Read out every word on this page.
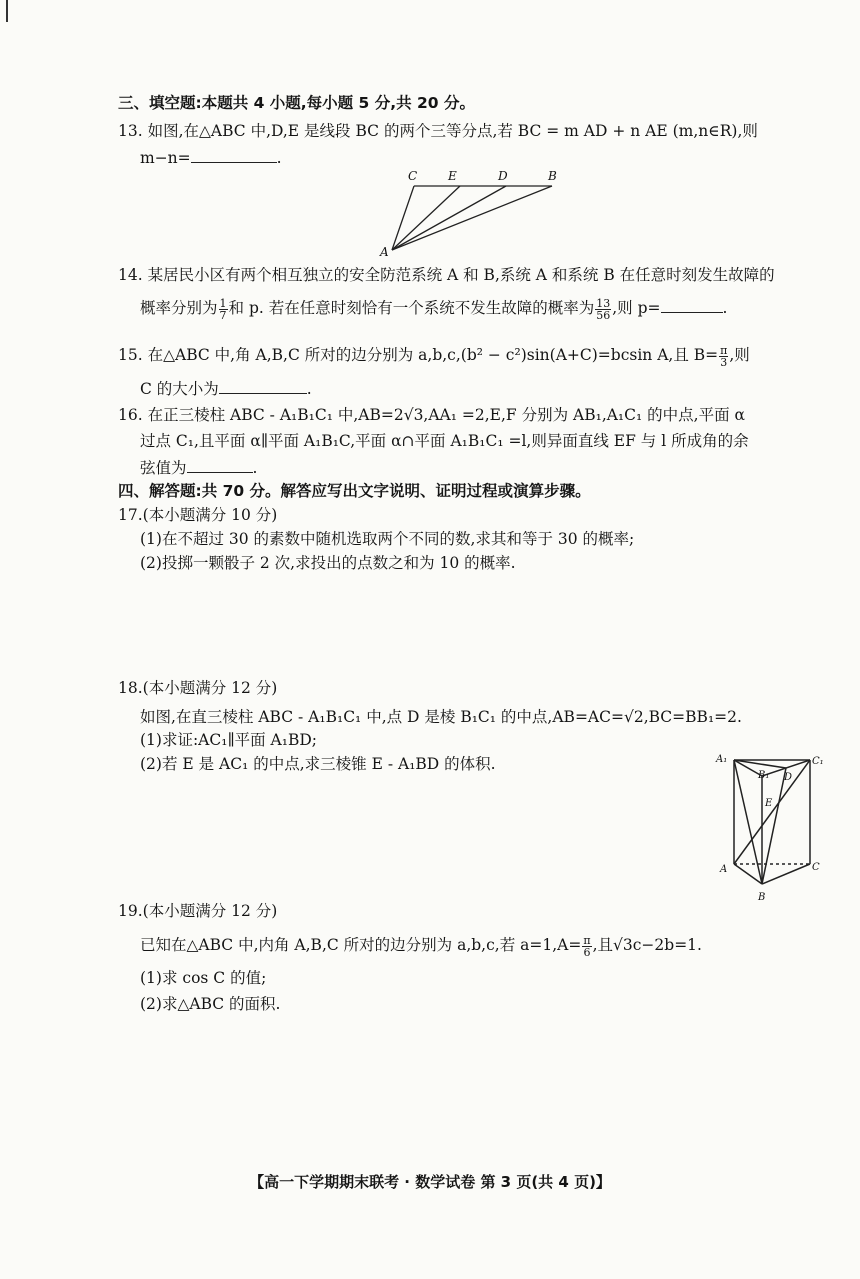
三、填空题:本题共 4 小题,每小题 5 分,共 20 分。
13. 如图,在△ABC 中,D,E 是线段 BC 的两个三等分点,若 BC = m AD + n AE (m,n∈R),则
m−n=	.
C	E	D	B
A
14. 某居民小区有两个相互独立的安全防范系统 A 和 B,系统 A 和系统 B 在任意时刻发生故障的
概率分别为 $\frac{1}{7}$ 和 p. 若在任意时刻恰有一个系统不发生故障的概率为 $\frac{13}{56}$ ,则 p=	.
15. 在△ABC 中,角 A,B,C 所对的边分别为 a,b,c,(b² − c²)sin(A+C)=bcsin A,且 $B= \frac{\pi}{3}$ ,则
C 的大小为	.
16. 在正三棱柱 ABC - A₁B₁C₁ 中,AB=2√3,AA₁ =2,E,F 分别为 AB₁,A₁C₁ 的中点,平面 α
过点 C₁,且平面 α∥平面 A₁B₁C,平面 α∩平面 A₁B₁C₁ =l,则异面直线 EF 与 l 所成角的余
弦值为	.
四、解答题:共 70 分。解答应写出文字说明、证明过程或演算步骤。
17.(本小题满分 10 分)
(1)在不超过 30 的素数中随机选取两个不同的数,求其和等于 30 的概率;
(2)投掷一颗骰子 2 次,求投出的点数之和为 10 的概率.
18.(本小题满分 12 分)
如图,在直三棱柱 ABC - A₁B₁C₁ 中,点 D 是棱 B₁C₁ 的中点,AB=AC=√2,BC=BB₁=2.
(1)求证:AC₁∥平面 A₁BD;
(2)若 E 是 AC₁ 的中点,求三棱锥 E - A₁BD 的体积.	A₁
B₁ D
C₁
E
A	C
B
19.(本小题满分 12 分)
已知在△ABC 中,内角 A,B,C 所对的边分别为 a,b,c,若 $a=1,A= \frac{\pi}{6}$ ,且√3c−2b=1.
(1)求 cos C 的值;
(2)求△ABC 的面积.
【高一下学期期末联考 · 数学试卷 第 3 页(共 4 页)】
